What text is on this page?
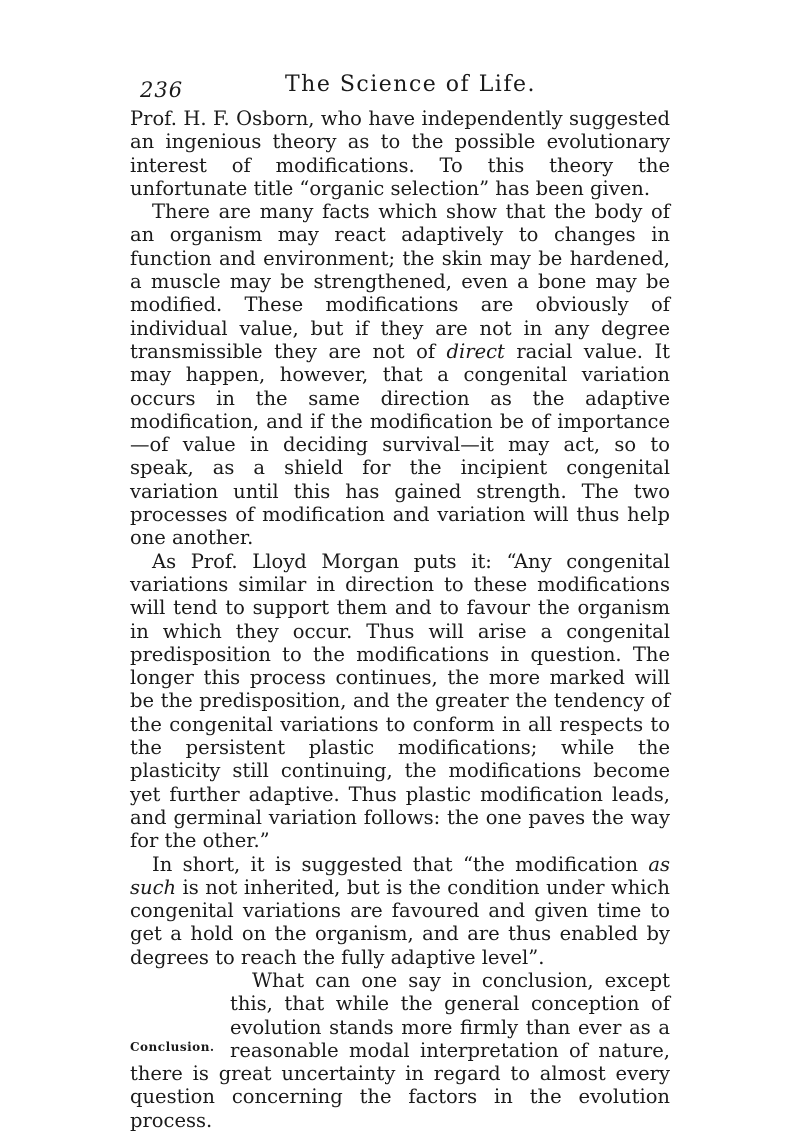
236	The Science of Life.

Prof. H. F. Osborn, who have independently suggested an ingenious theory as to the possible evolutionary interest of modifications. To this theory the unfortunate title “organic selection” has been given.

There are many facts which show that the body of an organism may react adaptively to changes in function and environment; the skin may be hardened, a muscle may be strengthened, even a bone may be modified. These modifications are obviously of individual value, but if they are not in any degree transmissible they are not of direct racial value. It may happen, however, that a congenital variation occurs in the same direction as the adaptive modification, and if the modification be of importance—of value in deciding survival—it may act, so to speak, as a shield for the incipient congenital variation until this has gained strength. The two processes of modification and variation will thus help one another.

As Prof. Lloyd Morgan puts it: “Any congenital variations similar in direction to these modifications will tend to support them and to favour the organism in which they occur. Thus will arise a congenital predisposition to the modifications in question. The longer this process continues, the more marked will be the predisposition, and the greater the tendency of the congenital variations to conform in all respects to the persistent plastic modifications; while the plasticity still continuing, the modifications become yet further adaptive. Thus plastic modification leads, and germinal variation follows: the one paves the way for the other.”

In short, it is suggested that “the modification as such is not inherited, but is the condition under which congenital variations are favoured and given time to get a hold on the organism, and are thus enabled by degrees to reach the fully adaptive level”.

Conclusion.

What can one say in conclusion, except this, that while the general conception of evolution stands more firmly than ever as a reasonable modal interpretation of nature, there is great uncertainty in regard to almost every question concerning the factors in the evolution process.
